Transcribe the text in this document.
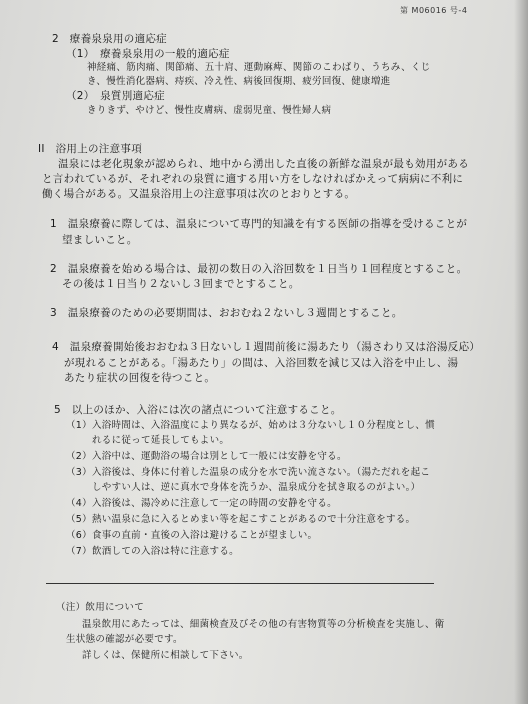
第 M06016 号-4
2　療養泉泉用の適応症
（1）　療養泉泉用の一般的適応症
神経痛、筋肉痛、関節痛、五十肩、運動麻痺、関節のこわばり、うちみ、くじ
き、慢性消化器病、痔疾、冷え性、病後回復期、疲労回復、健康増進
（2）　泉質別適応症
きりきず、やけど、慢性皮膚病、虚弱児童、慢性婦人病
II　浴用上の注意事項
温泉には老化現象が認められ、地中から湧出した直後の新鮮な温泉が最も効用がある
と言われているが、それぞれの泉質に適する用い方をしなければかえって病病に不利に
働く場合がある。又温泉浴用上の注意事項は次のとおりとする。
1　温泉療養に際しては、温泉について専門的知識を有する医師の指導を受けることが
望ましいこと。
2　温泉療養を始める場合は、最初の数日の入浴回数を１日当り１回程度とすること。
その後は１日当り２ないし３回までとすること。
3　温泉療養のための必要期間は、おおむね２ないし３週間とすること。
4　温泉療養開始後おおむね３日ないし１週間前後に湯あたり（湯さわり又は浴湯反応）
が現れることがある。「湯あたり」の間は、入浴回数を減じ又は入浴を中止し、湯
あたり症状の回復を待つこと。
5　以上のほか、入浴には次の諸点について注意すること。
（1）入浴時間は、入浴温度により異なるが、始めは３分ないし１０分程度とし、慣
れるに従って延長してもよい。
（2）入浴中は、運動浴の場合は別として一般には安静を守る。
（3）入浴後は、身体に付着した温泉の成分を水で洗い流さない。（湯ただれを起こ
しやすい人は、逆に真水で身体を洗うか、温泉成分を拭き取るのがよい。）
（4）入浴後は、湯冷めに注意して一定の時間の安静を守る。
（5）熱い温泉に急に入るとめまい等を起こすことがあるので十分注意をする。
（6）食事の直前・直後の入浴は避けることが望ましい。
（7）飲酒しての入浴は特に注意する。
（注）飲用について
温泉飲用にあたっては、細菌検査及びその他の有害物質等の分析検査を実施し、衛
生状態の確認が必要です。
詳しくは、保健所に相談して下さい。
